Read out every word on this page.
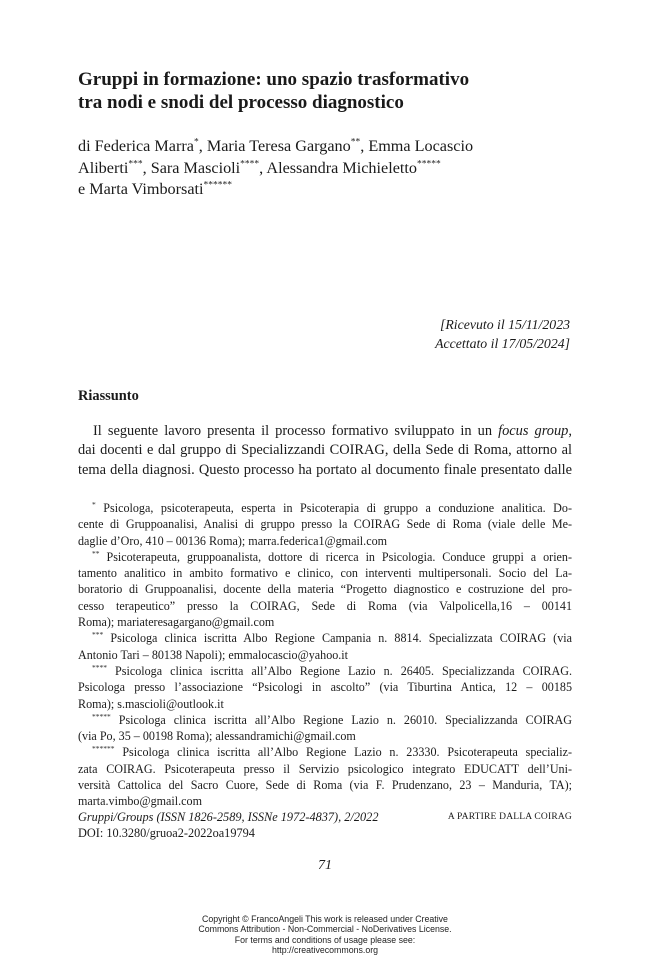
Gruppi in formazione: uno spazio trasformativo
tra nodi e snodi del processo diagnostico
di Federica Marra*, Maria Teresa Gargano**, Emma Locascio
Aliberti***, Sara Mascioli****, Alessandra Michieletto*****
e Marta Vimborsati******
[Ricevuto il 15/11/2023
Accettato il 17/05/2024]
Riassunto
Il seguente lavoro presenta il processo formativo sviluppato in un focus group,
dai docenti e dal gruppo di Specializzandi COIRAG, della Sede di Roma, attorno al
tema della diagnosi. Questo processo ha portato al documento finale presentato dalle
* Psicologa, psicoterapeuta, esperta in Psicoterapia di gruppo a conduzione analitica. Do-
cente di Gruppoanalisi, Analisi di gruppo presso la COIRAG Sede di Roma (viale delle Me-
daglie d’Oro, 410 – 00136 Roma); marra.federica1@gmail.com
** Psicoterapeuta, gruppoanalista, dottore di ricerca in Psicologia. Conduce gruppi a orien-
tamento analitico in ambito formativo e clinico, con interventi multipersonali. Socio del La-
boratorio di Gruppoanalisi, docente della materia “Progetto diagnostico e costruzione del pro-
cesso terapeutico” presso la COIRAG, Sede di Roma (via Valpolicella,16 – 00141
Roma); mariateresagargano@gmail.com
*** Psicologa clinica iscritta Albo Regione Campania n. 8814. Specializzata COIRAG (via
Antonio Tari – 80138 Napoli); emmalocascio@yahoo.it
**** Psicologa clinica iscritta all’Albo Regione Lazio n. 26405. Specializzanda COIRAG.
Psicologa presso l’associazione “Psicologi in ascolto” (via Tiburtina Antica, 12 – 00185
Roma); s.mascioli@outlook.it
***** Psicologa clinica iscritta all’Albo Regione Lazio n. 26010. Specializzanda COIRAG
(via Po, 35 – 00198 Roma); alessandramichi@gmail.com
****** Psicologa clinica iscritta all’Albo Regione Lazio n. 23330. Psicoterapeuta specializ-
zata COIRAG. Psicoterapeuta presso il Servizio psicologico integrato EDUCATT dell’Uni-
versità Cattolica del Sacro Cuore, Sede di Roma (via F. Prudenzano, 23 – Manduria, TA);
marta.vimbo@gmail.com
Gruppi/Groups (ISSN 1826-2589, ISSNe 1972-4837), 2/2022
DOI: 10.3280/gruoa2-2022oa19794
A PARTIRE DALLA COIRAG
71
Copyright © FrancoAngeli This work is released under Creative
Commons Attribution - Non-Commercial - NoDerivatives License.
For terms and conditions of usage please see:
http://creativecommons.org
